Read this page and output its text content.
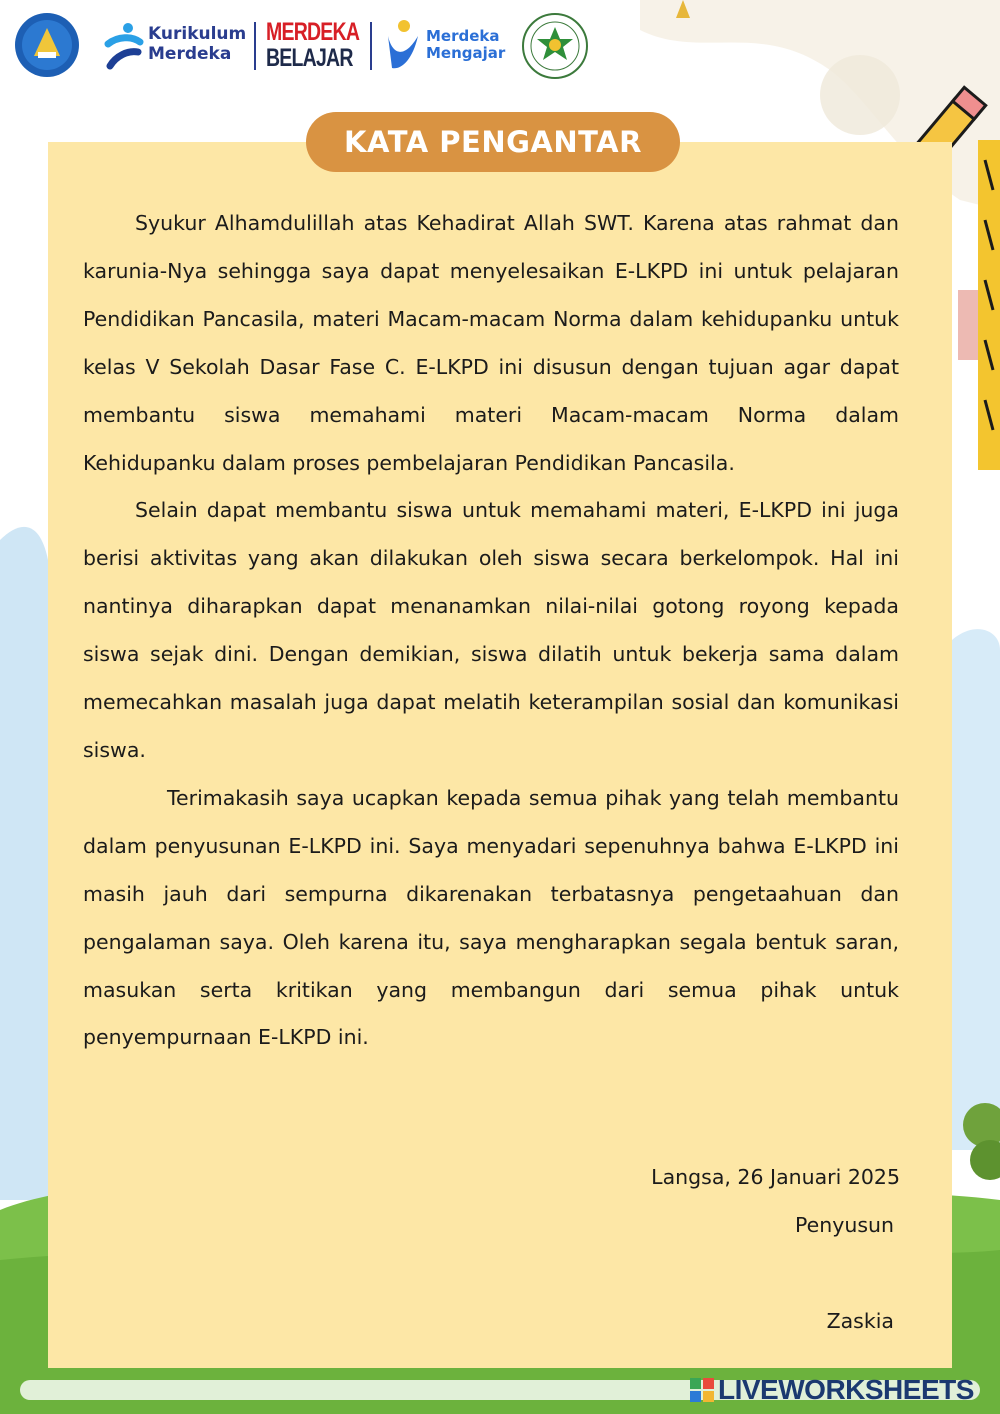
Kurikulum
Merdeka
MERDEKA
BELAJAR
Merdeka
Mengajar
KATA PENGANTAR

Syukur Alhamdulillah atas Kehadirat Allah SWT. Karena atas rahmat dan karunia-Nya sehingga saya dapat menyelesaikan E-LKPD ini untuk pelajaran Pendidikan Pancasila, materi Macam-macam Norma dalam kehidupanku untuk kelas V Sekolah Dasar Fase C. E-LKPD ini disusun dengan tujuan agar dapat membantu siswa memahami materi Macam-macam Norma dalam Kehidupanku dalam proses pembelajaran Pendidikan Pancasila.

Selain dapat membantu siswa untuk memahami materi, E-LKPD ini juga berisi aktivitas yang akan dilakukan oleh siswa secara berkelompok. Hal ini nantinya diharapkan dapat menanamkan nilai-nilai gotong royong kepada siswa sejak dini. Dengan demikian, siswa dilatih untuk bekerja sama dalam memecahkan masalah juga dapat melatih keterampilan sosial dan komunikasi siswa.

Terimakasih saya ucapkan kepada semua pihak yang telah membantu dalam penyusunan E-LKPD ini. Saya menyadari sepenuhnya bahwa E-LKPD ini masih jauh dari sempurna dikarenakan terbatasnya pengetaahuan dan pengalaman saya. Oleh karena itu, saya mengharapkan segala bentuk saran, masukan serta kritikan yang membangun dari semua pihak untuk penyempurnaan E-LKPD ini.

Langsa, 26 Januari 2025
Penyusun
Zaskia
LIVEWORKSHEETS
